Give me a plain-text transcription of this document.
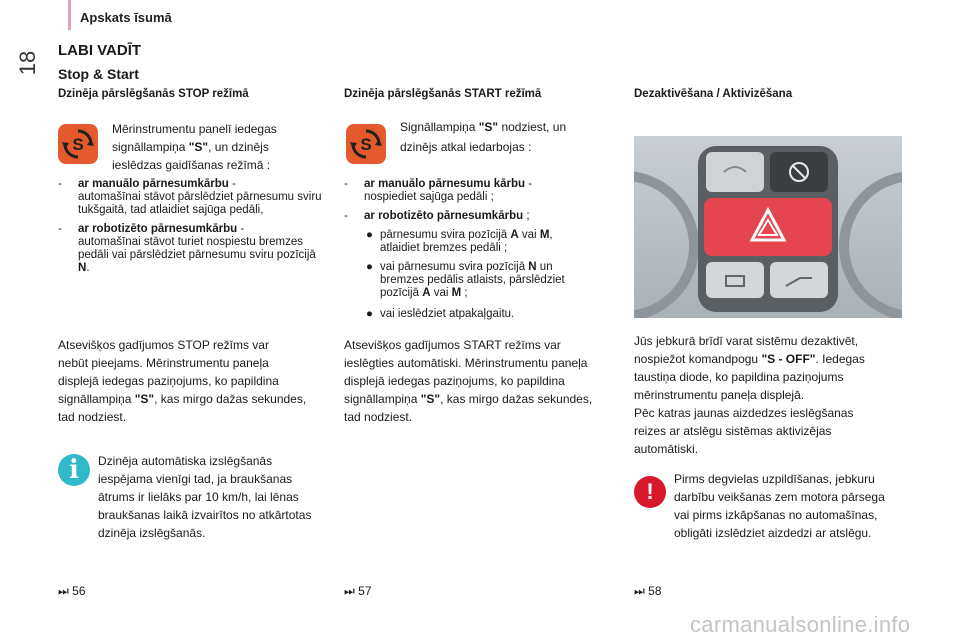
Apskats īsumā
18
LABI VADĪT
Stop & Start
Dzinēja pārslēgšanās STOP režīmā
S
Mērinstrumentu panelī iedegas
signāllampiņa "S", un dzinējs
ieslēdzas gaidīšanas režīmā :
-	ar manuālo pārnesumkārbu -
automašīnai stāvot pārslēdziet pārnesumu sviru tukšgaitā, tad atlaidiet sajūga pedāli,
-	ar robotizēto pārnesumkārbu -
automašīnai stāvot turiet nospiestu bremzes pedāli vai pārslēdziet pārnesumu sviru pozīcijā N.
Atsevišķos gadījumos STOP režīms var
nebūt pieejams. Mērinstrumentu paneļa
displejā iedegas paziņojums, ko papildina
signāllampiņa "S", kas mirgo dažas sekundes,
tad nodziest.
i	Dzinēja automātiska izslēgšanās
iespējama vienīgi tad, ja braukšanas
ātrums ir lielāks par 10 km/h, lai lēnas
braukšanas laikā izvairītos no atkārtotas
dzinēja izslēgšanās.
⏭ 56
Dzinēja pārslēgšanās START režīmā
S
Signāllampiņa "S" nodziest, un
dzinējs atkal iedarbojas :
-	ar manuālo pārnesumu kārbu -
nospiediet sajūga pedāli ;
-	ar robotizēto pārnesumkārbu ;
● pārnesumu svira pozīcijā A vai M,
atlaidiet bremzes pedāli ;
● vai pārnesumu svira pozīcijā N un
bremzes pedālis atlaists, pārslēdziet
pozīcijā A vai M ;
● vai ieslēdziet atpakaļgaitu.
Atsevišķos gadījumos START režīms var
ieslēgties automātiski. Mērinstrumentu paneļa
displejā iedegas paziņojums, ko papildina
signāllampiņa "S", kas mirgo dažas sekundes,
tad nodziest.
⏭ 57
Dezaktivēšana / Aktivizēšana
Jūs jebkurā brīdī varat sistēmu dezaktivēt,
nospiežot komandpogu "S - OFF". Iedegas
taustiņa diode, ko papildina paziņojums
mērinstrumentu paneļa displejā.
Pēc katras jaunas aizdedzes ieslēgšanas
reizes ar atslēgu sistēmas aktivizējas
automātiski.
!	Pirms degvielas uzpildīšanas, jebkuru
darbību veikšanas zem motora pārsega
vai pirms izkāpšanas no automašīnas,
obligāti izslēdziet aizdedzi ar atslēgu.
⏭ 58
carmanualsonline.info
